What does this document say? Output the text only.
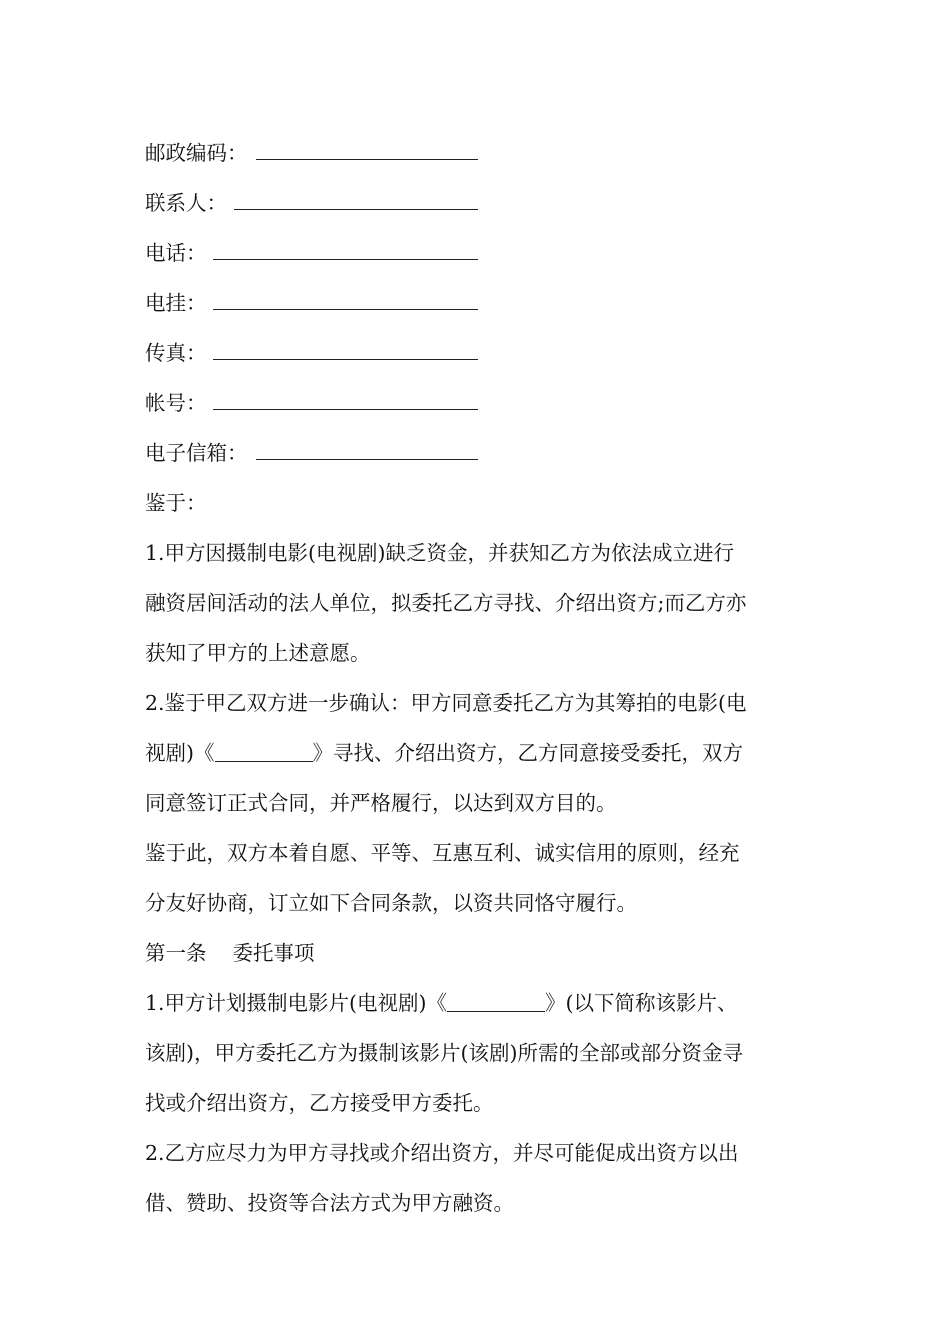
邮政编码：
联系人：
电话：
电挂：
传真：
帐号：
电子信箱：

鉴于：

1.甲方因摄制电影(电视剧)缺乏资金，并获知乙方为依法成立进行

融资居间活动的法人单位，拟委托乙方寻找、介绍出资方;而乙方亦

获知了甲方的上述意愿。

2.鉴于甲乙双方进一步确认：甲方同意委托乙方为其筹拍的电影(电

视剧)《	》寻找、介绍出资方，乙方同意接受委托，双方

同意签订正式合同，并严格履行，以达到双方目的。

鉴于此，双方本着自愿、平等、互惠互利、诚实信用的原则，经充

分友好协商，订立如下合同条款，以资共同恪守履行。

第一条 委托事项

1.甲方计划摄制电影片(电视剧)《	》(以下简称该影片、

该剧)，甲方委托乙方为摄制该影片(该剧)所需的全部或部分资金寻

找或介绍出资方，乙方接受甲方委托。

2.乙方应尽力为甲方寻找或介绍出资方，并尽可能促成出资方以出

借、赞助、投资等合法方式为甲方融资。
